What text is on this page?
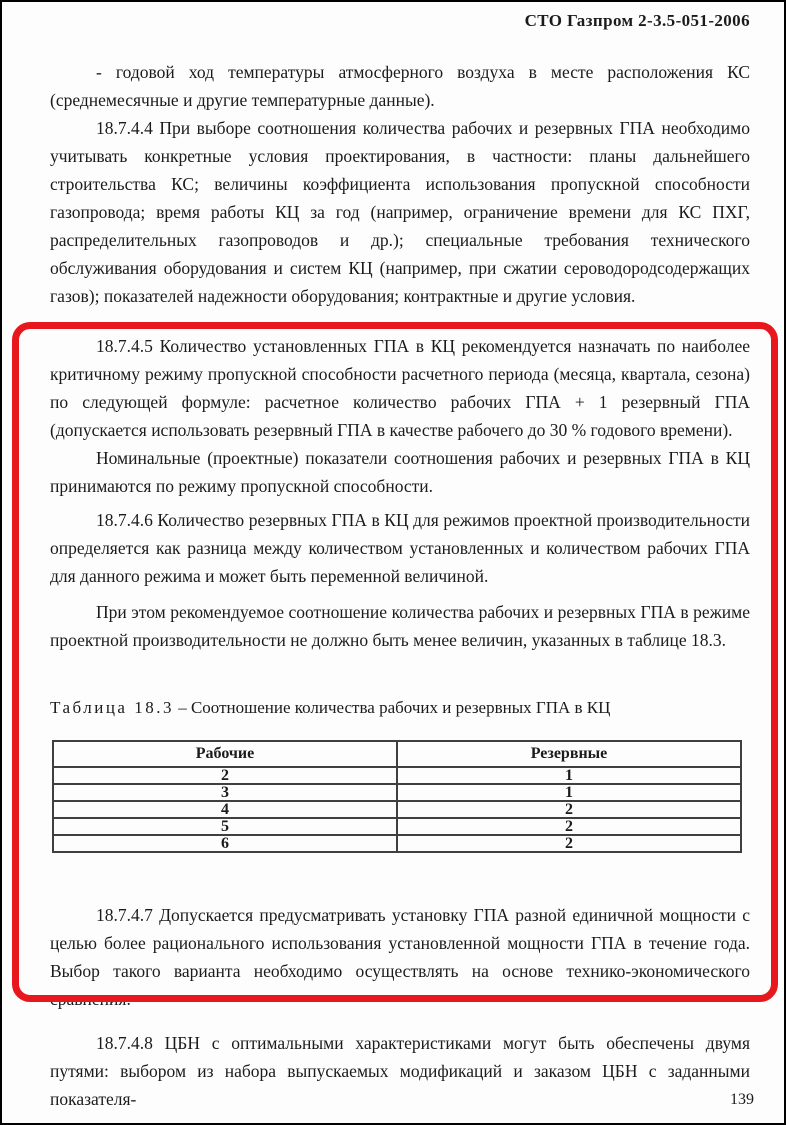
СТО Газпром 2-3.5-051-2006

- годовой ход температуры атмосферного воздуха в месте расположения КС (среднемесячные и другие температурные данные).

18.7.4.4 При выборе соотношения количества рабочих и резервных ГПА необходимо учитывать конкретные условия проектирования, в частности: планы дальнейшего строительства КС; величины коэффициента использования пропускной способности газопровода; время работы КЦ за год (например, ограничение времени для КС ПХГ, распределительных газопроводов и др.); специальные требования технического обслуживания оборудования и систем КЦ (например, при сжатии сероводородсодержащих газов); показателей надежности оборудования; контрактные и другие условия.

18.7.4.5 Количество установленных ГПА в КЦ рекомендуется назначать по наиболее критичному режиму пропускной способности расчетного периода (месяца, квартала, сезона) по следующей формуле: расчетное количество рабочих ГПА + 1 резервный ГПА (допускается использовать резервный ГПА в качестве рабочего до 30 % годового времени).

Номинальные (проектные) показатели соотношения рабочих и резервных ГПА в КЦ принимаются по режиму пропускной способности.

18.7.4.6 Количество резервных ГПА в КЦ для режимов проектной производительности определяется как разница между количеством установленных и количеством рабочих ГПА для данного режима и может быть переменной величиной.

При этом рекомендуемое соотношение количества рабочих и резервных ГПА в режиме проектной производительности не должно быть менее величин, указанных в таблице 18.3.

Таблица 18.3 – Соотношение количества рабочих и резервных ГПА в КЦ
Рабочие	Резервные
2	1
3	1
4	2
5	2
6	2

18.7.4.7 Допускается предусматривать установку ГПА разной единичной мощности с целью более рационального использования установленной мощности ГПА в течение года. Выбор такого варианта необходимо осуществлять на основе технико-экономического сравнения.

18.7.4.8 ЦБН с оптимальными характеристиками могут быть обеспечены двумя путями: выбором из набора выпускаемых модификаций и заказом ЦБН с заданными показателя-	139
